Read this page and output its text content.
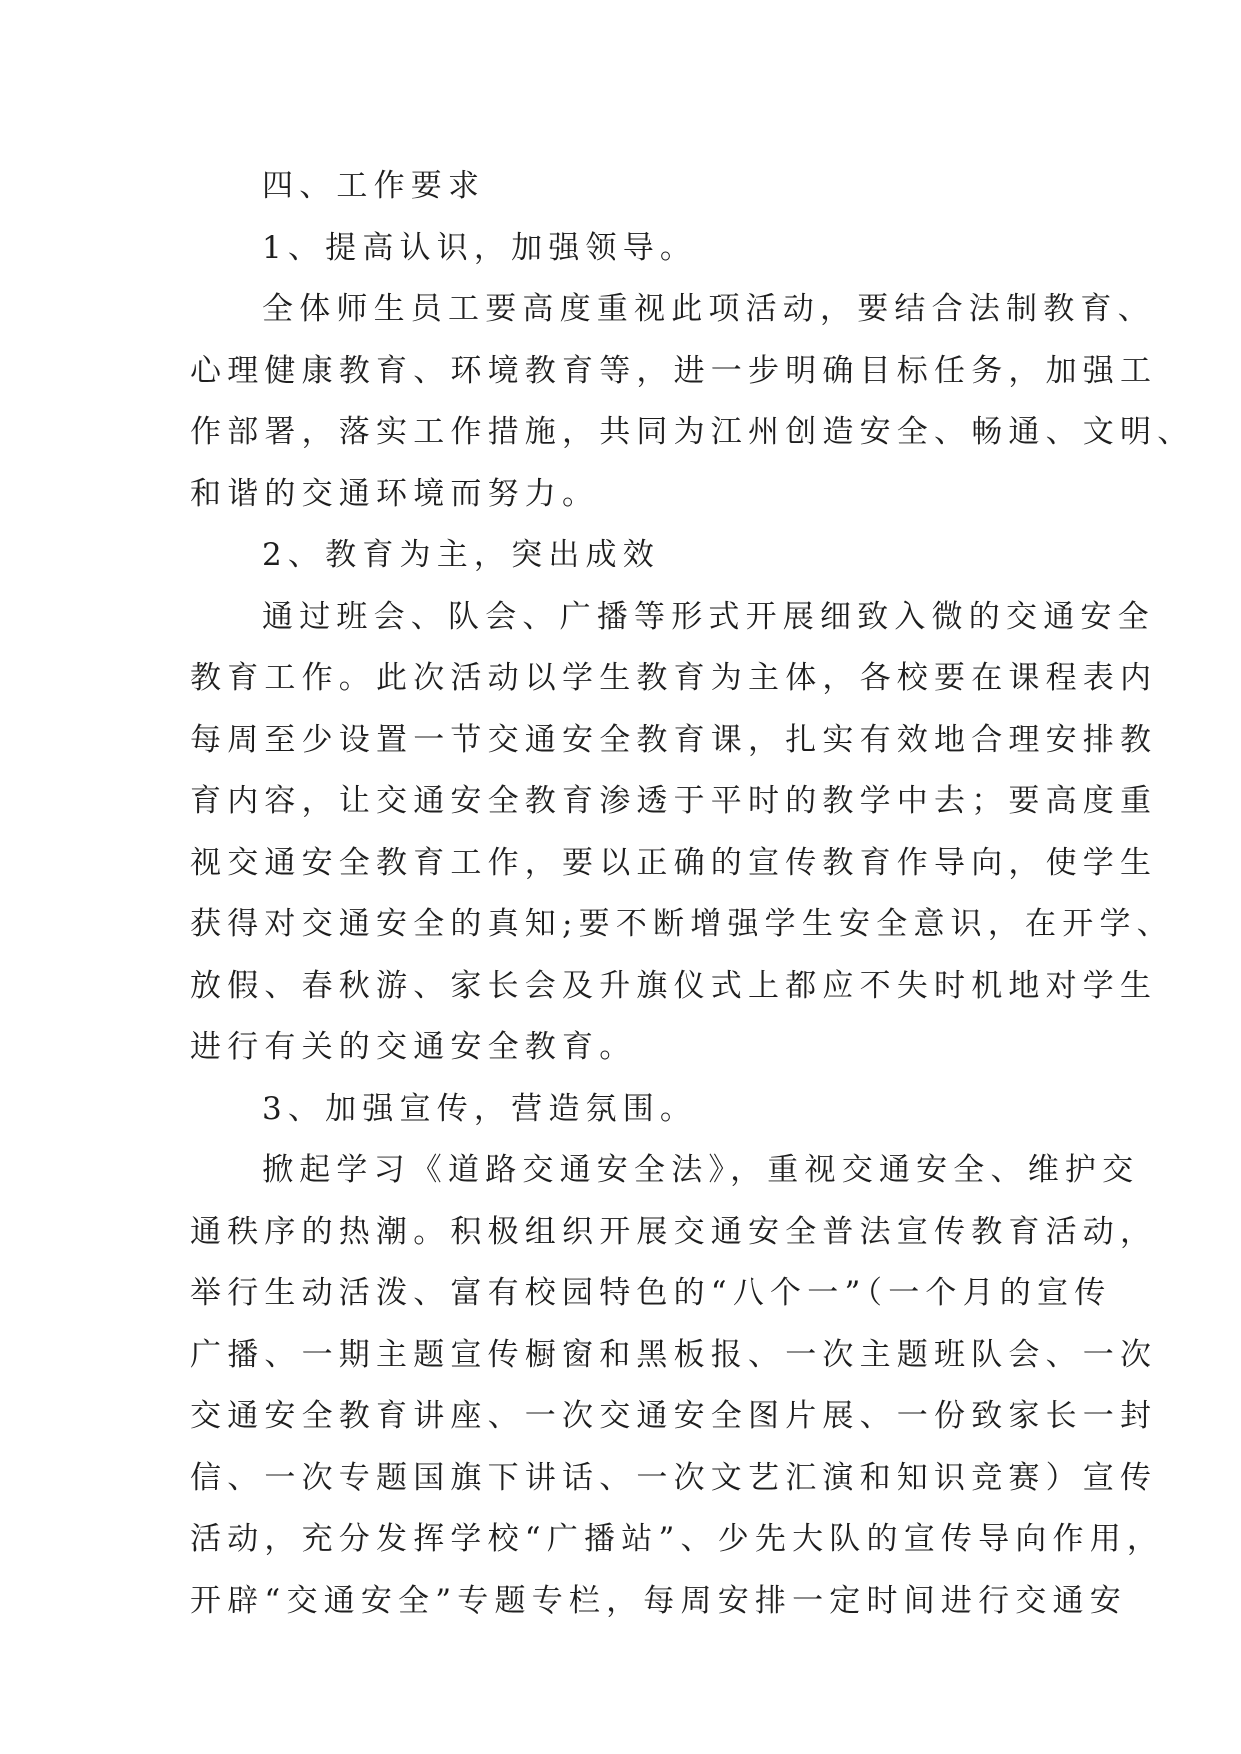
四、工作要求
1、提高认识，加强领导。
全体师生员工要高度重视此项活动，要结合法制教育、
心理健康教育、环境教育等，进一步明确目标任务，加强工
作部署，落实工作措施，共同为江州创造安全、畅通、文明、
和谐的交通环境而努力。
2、教育为主，突出成效
通过班会、队会、广播等形式开展细致入微的交通安全
教育工作。此次活动以学生教育为主体，各校要在课程表内
每周至少设置一节交通安全教育课，扎实有效地合理安排教
育内容，让交通安全教育渗透于平时的教学中去；要高度重
视交通安全教育工作，要以正确的宣传教育作导向，使学生
获得对交通安全的真知;要不断增强学生安全意识，在开学、
放假、春秋游、家长会及升旗仪式上都应不失时机地对学生
进行有关的交通安全教育。
3、加强宣传，营造氛围。
掀起学习《道路交通安全法》，重视交通安全、维护交
通秩序的热潮。积极组织开展交通安全普法宣传教育活动，
举行生动活泼、富有校园特色的“八个一”（一个月的宣传
广播、一期主题宣传橱窗和黑板报、一次主题班队会、一次
交通安全教育讲座、一次交通安全图片展、一份致家长一封
信、一次专题国旗下讲话、一次文艺汇演和知识竞赛）宣传
活动，充分发挥学校“广播站”、少先大队的宣传导向作用，
开辟“交通安全”专题专栏，每周安排一定时间进行交通安
